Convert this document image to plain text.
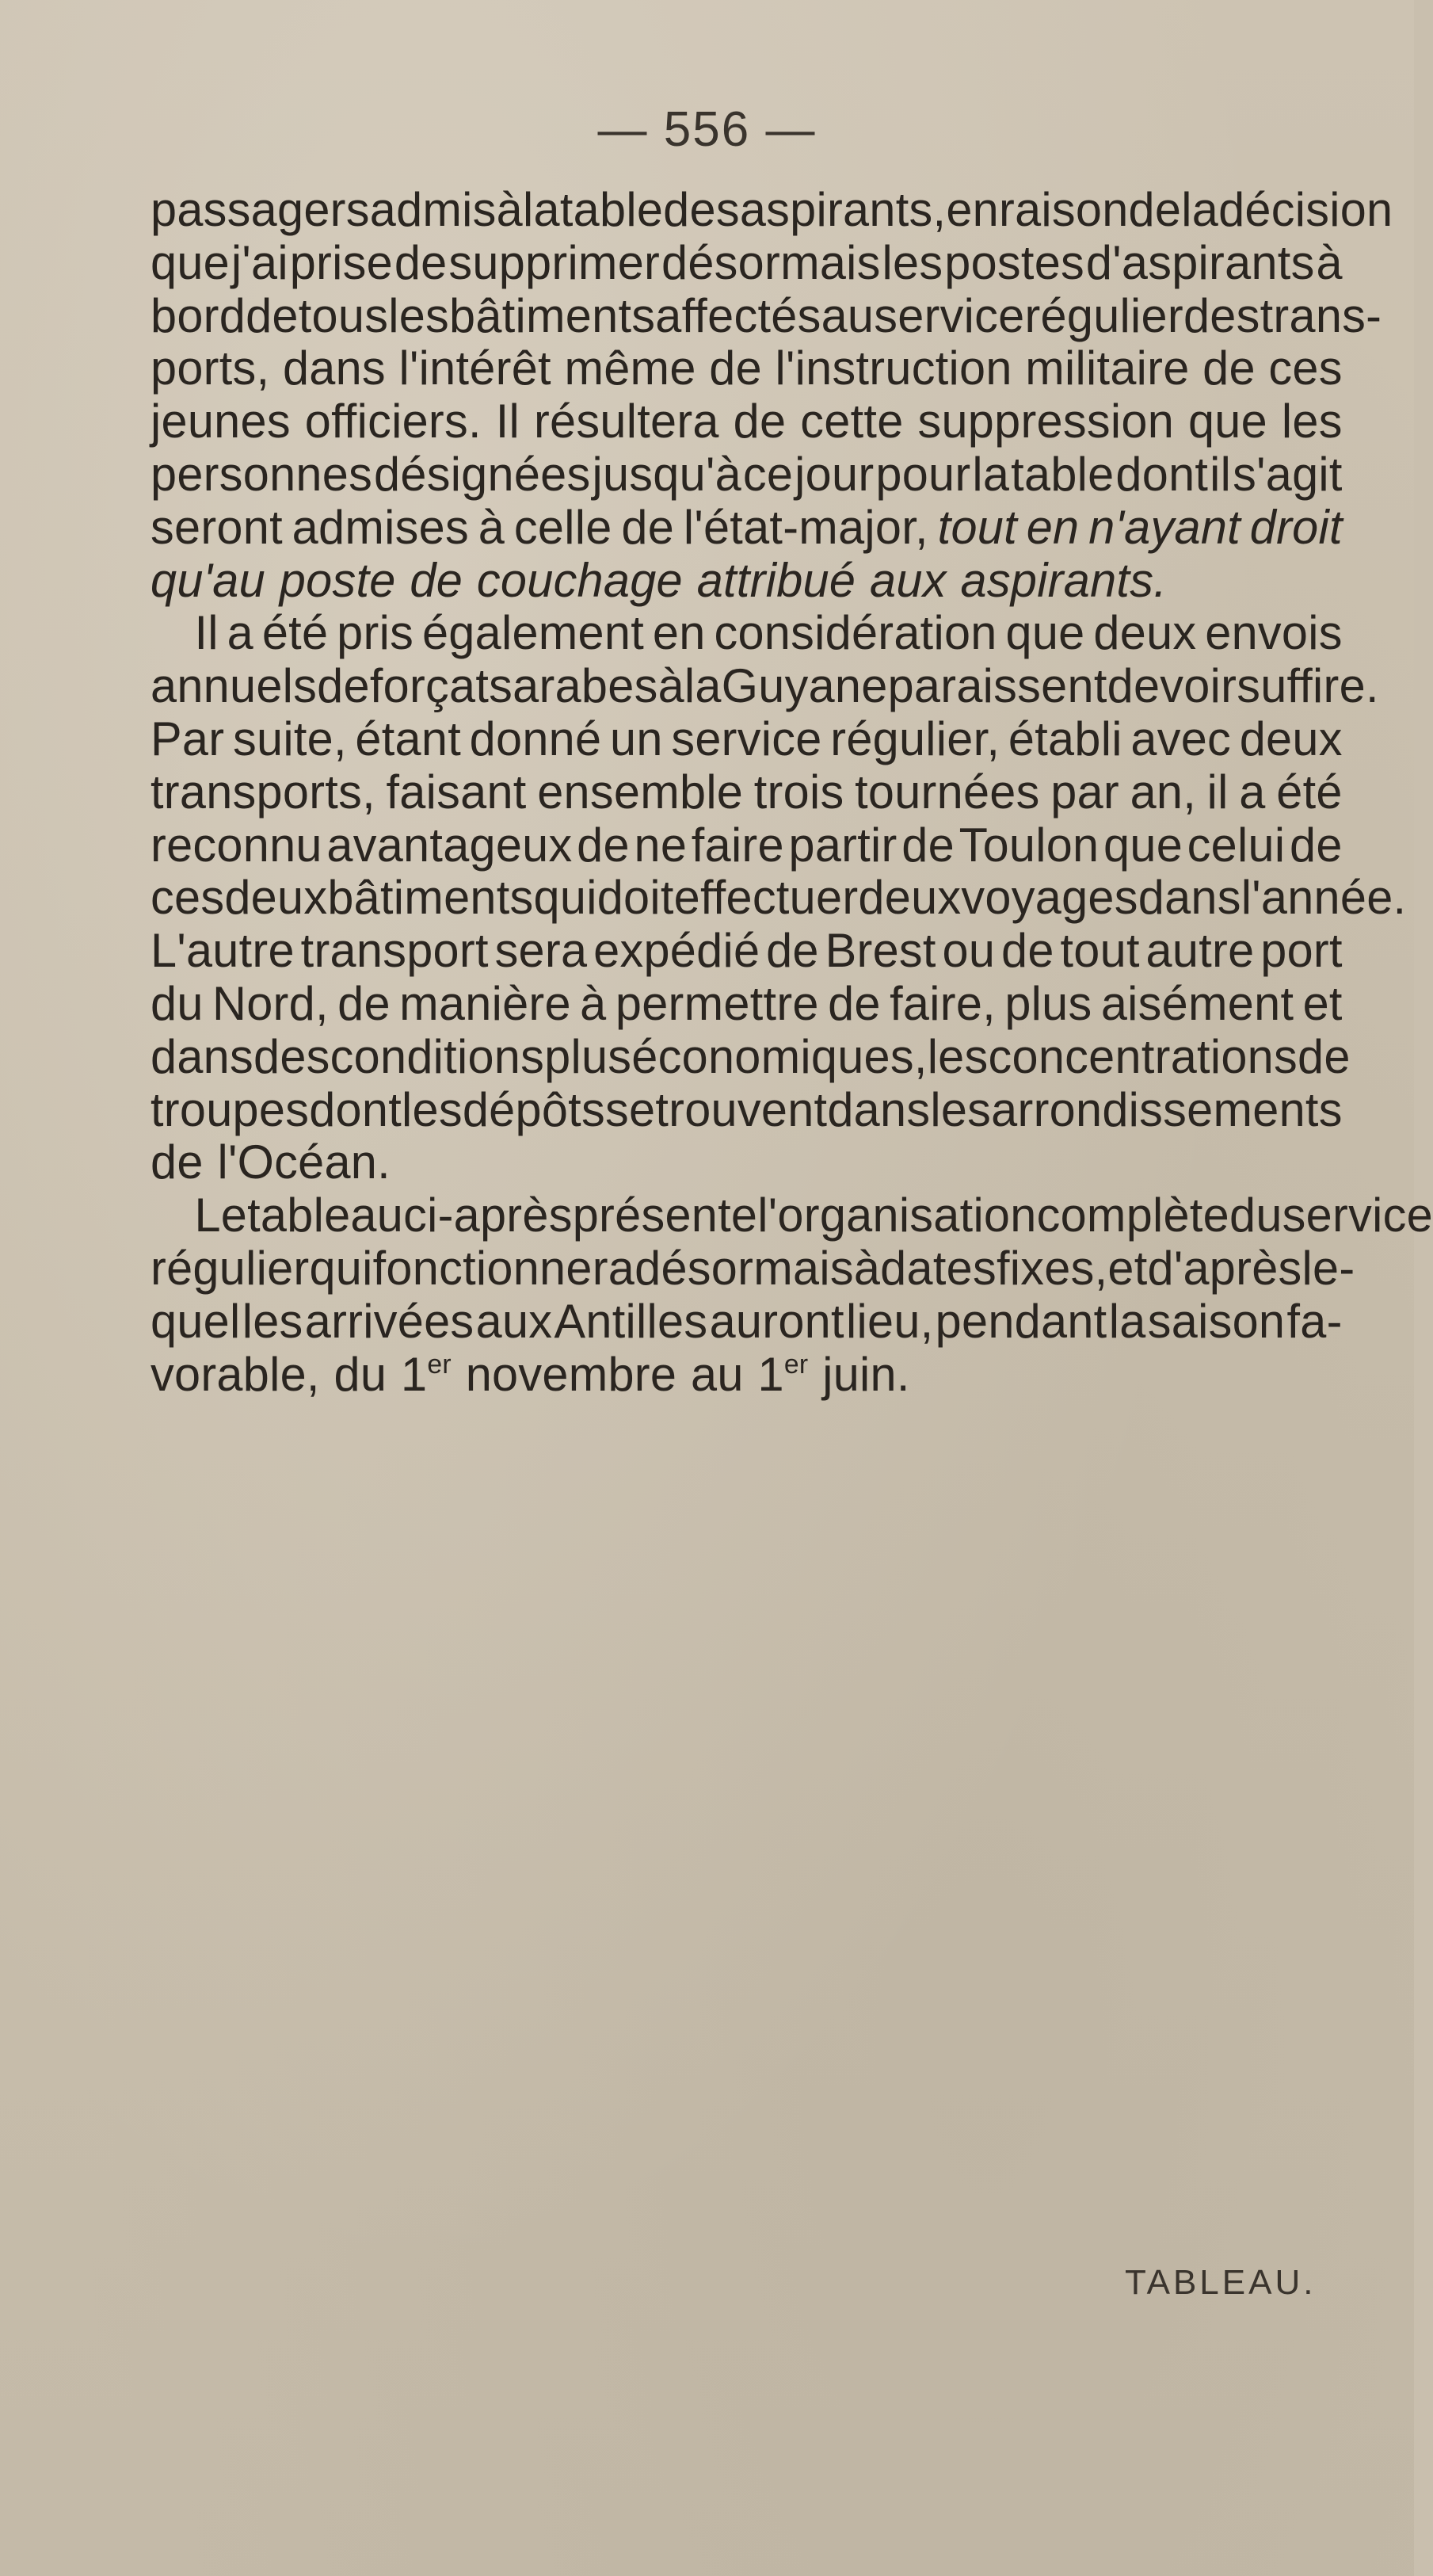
— 556 —
passagers admis à la table des aspirants, en raison de la décision
que j'ai prise de supprimer désormais les postes d'aspirants à
bord de tous les bâtiments affectés au service régulier des trans-
ports, dans l'intérêt même de l'instruction militaire de ces
jeunes officiers. Il résultera de cette suppression que les
personnes désignées jusqu'à ce jour pour la table dont il s'agit
seront admises à celle de l'état-major, tout en n'ayant droit
qu'au poste de couchage attribué aux aspirants.
Il a été pris également en considération que deux envois
annuels de forçats arabes à la Guyane paraissent devoir suffire.
Par suite, étant donné un service régulier, établi avec deux
transports, faisant ensemble trois tournées par an, il a été
reconnu avantageux de ne faire partir de Toulon que celui de
ces deux bâtiments qui doit effectuer deux voyages dans l'année.
L'autre transport sera expédié de Brest ou de tout autre port
du Nord, de manière à permettre de faire, plus aisément et
dans des conditions plus économiques, les concentrations de
troupes dont les dépôts se trouvent dans les arrondissements
de l'Océan.
Le tableau ci-après présente l'organisation complète du service
régulier qui fonctionnera désormais à dates fixes, et d'après le-
quel les arrivées aux Antilles auront lieu, pendant la saison fa-
vorable, du 1er novembre au 1er juin.
TABLEAU.
